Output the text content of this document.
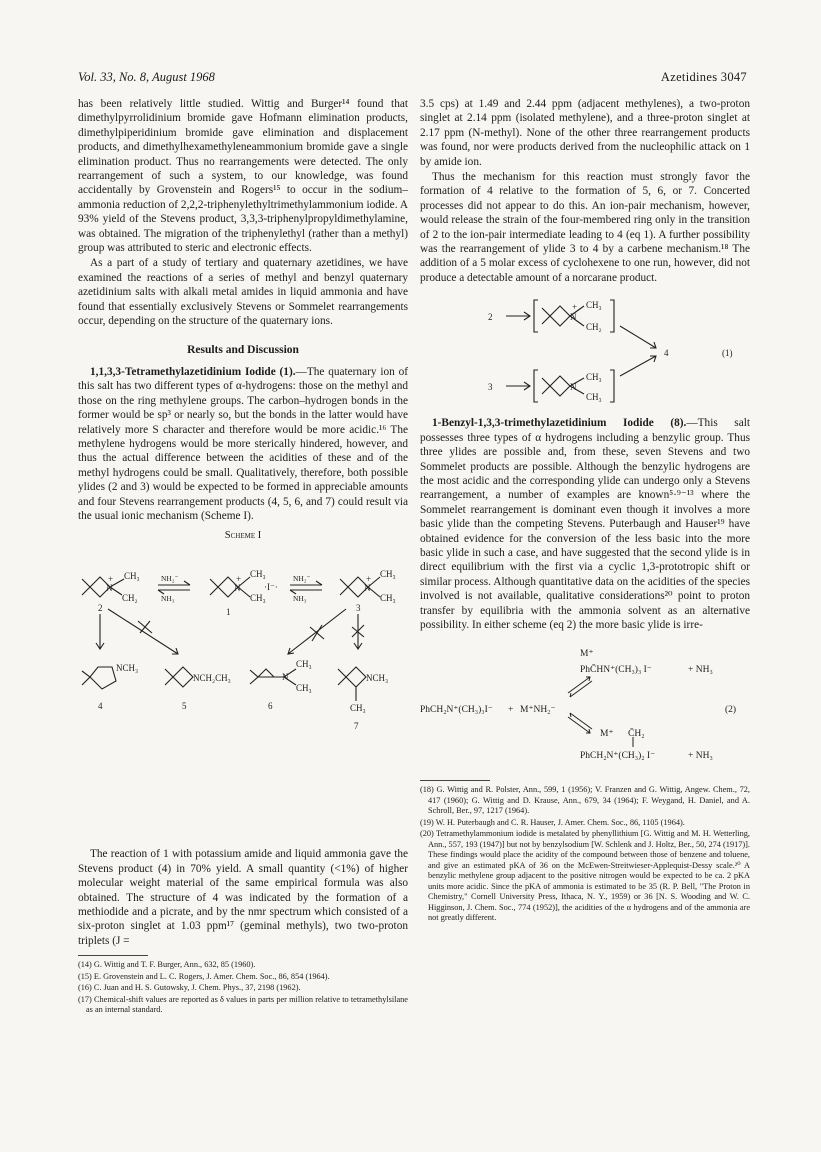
Vol. 33, No. 8, August 1968	Azetidines 3047

has been relatively little studied. Wittig and Burger¹⁴ found that dimethylpyrrolidinium bromide gave Hofmann elimination products, dimethylpiperidinium bromide gave elimination and displacement products, and dimethylhexamethyleneammonium bromide gave a single elimination product. Thus no rearrangements were detected. The only rearrangement of such a system, to our knowledge, was found accidentally by Grovenstein and Rogers¹⁵ to occur in the sodium–ammonia reduction of 2,2,2-triphenylethyltrimethylammonium iodide. A 93% yield of the Stevens product, 3,3,3-triphenylpropyldimethylamine, was obtained. The migration of the triphenylethyl (rather than a methyl) group was attributed to steric and electronic effects.

As a part of a study of tertiary and quaternary azetidines, we have examined the reactions of a series of methyl and benzyl quaternary azetidinium salts with alkali metal amides in liquid ammonia and have found that essentially exclusively Stevens or Sommelet rearrangements occur, depending on the structure of the quaternary ions.

Results and Discussion

1,1,3,3-Tetramethylazetidinium Iodide (1).—The quaternary ion of this salt has two different types of α-hydrogens: those on the methyl and those on the ring methylene groups. The carbon–hydrogen bonds in the former would be sp³ or nearly so, but the bonds in the latter would have relatively more S character and therefore would be more acidic.¹⁶ The methylene hydrogens would be more sterically hindered, however, and thus the actual difference between the acidities of these and of the methyl hydrogens could be small. Qualitatively, therefore, both possible ylides (2 and 3) would be expected to be formed in appreciable amounts and four Stevens rearrangement products (4, 5, 6, and 7) could result via the usual ionic mechanism (Scheme I).

Scheme I
+
N
CH₃
CH₂
NH₂⁻
NH₃
+
N
CH₃
CH₃
·I⁻·
NH₂⁻
NH₃
+
N
CH₃
CH₃
2	1	3
NCH₃
NCH₂CH₃	N
CH₃
CH₃
NCH₃
CH₃
4	5	6
7

The reaction of 1 with potassium amide and liquid ammonia gave the Stevens product (4) in 70% yield. A small quantity (<1%) of higher molecular weight material of the same empirical formula was also obtained. The structure of 4 was indicated by the formation of a methiodide and a picrate, and by the nmr spectrum which consisted of a six-proton singlet at 1.03 ppm¹⁷ (geminal methyls), two two-proton triplets (J =

(14) G. Wittig and T. F. Burger, Ann., 632, 85 (1960).

(15) E. Grovenstein and L. C. Rogers, J. Amer. Chem. Soc., 86, 854 (1964).

(16) C. Juan and H. S. Gutowsky, J. Chem. Phys., 37, 2198 (1962).

(17) Chemical-shift values are reported as δ values in parts per million relative to tetramethylsilane as an internal standard.

3.5 cps) at 1.49 and 2.44 ppm (adjacent methylenes), a two-proton singlet at 2.14 ppm (isolated methylene), and a three-proton singlet at 2.17 ppm (N-methyl). None of the other three rearrangement products was found, nor were products derived from the nucleophilic attack on 1 by amide ion.

Thus the mechanism for this reaction must strongly favor the formation of 4 relative to the formation of 5, 6, or 7. Concerted processes did not appear to do this. An ion-pair mechanism, however, would release the strain of the four-membered ring only in the transition of 2 to the ion-pair intermediate leading to 4 (eq 1). A further possibility was the rearrangement of ylide 3 to 4 by a carbene mechanism.¹⁸ The addition of a 5 molar excess of cyclohexene to one run, however, did not produce a detectable amount of a norcarane product.

2
+
N
CH₃
CH₂
4	(1)
3	N
CH₃
CH₃

1-Benzyl-1,3,3-trimethylazetidinium Iodide (8).—This salt possesses three types of α hydrogens including a benzylic group. Thus three ylides are possible and, from these, seven Stevens and two Sommelet products are possible. Although the benzylic hydrogens are the most acidic and the corresponding ylide can undergo only a Stevens rearrangement, a number of examples are known⁵·⁹⁻¹³ where the Sommelet rearrangement is dominant even though it involves a more basic ylide than the competing Stevens. Puterbaugh and Hauser¹⁹ have obtained evidence for the conversion of the less basic into the more basic ylide in such a case, and have suggested that the second ylide is in direct equilibrium with the first via a cyclic 1,3-prototropic shift or similar process. Although quantitative data on the acidities of the species involved is not available, qualitative considerations²⁰ point to proton transfer by equilibria with the ammonia solvent as an alternative possibility. In either scheme (eq 2) the more basic ylide is irre-

M⁺
PhC̄HN⁺(CH₃)₃ I⁻	+ NH₃
PhCH₂N⁺(CH₃)₃I⁻ + M⁺NH₂⁻	(2)
M⁺ C̄H₂
PhCH₂N⁺(CH₃)₂ I⁻	+ NH₃

(18) G. Wittig and R. Polster, Ann., 599, 1 (1956); V. Franzen and G. Wittig, Angew. Chem., 72, 417 (1960); G. Wittig and D. Krause, Ann., 679, 34 (1964); F. Weygand, H. Daniel, and A. Schroll, Ber., 97, 1217 (1964).

(19) W. H. Puterbaugh and C. R. Hauser, J. Amer. Chem. Soc., 86, 1105 (1964).

(20) Tetramethylammonium iodide is metalated by phenyllithium [G. Wittig and M. H. Wetterling, Ann., 557, 193 (1947)] but not by benzylsodium [W. Schlenk and J. Holtz, Ber., 50, 274 (1917)]. These findings would place the acidity of the compound between those of benzene and toluene, and give an estimated pKA of 36 on the McEwen-Streitwieser-Applequist-Dessy scale.²⁰ A benzylic methylene group adjacent to the positive nitrogen would be expected to be ca. 2 pKA units more acidic. Since the pKA of ammonia is estimated to be 35 (R. P. Bell, "The Proton in Chemistry," Cornell University Press, Ithaca, N. Y., 1959) or 36 [N. S. Wooding and W. C. Higginson, J. Chem. Soc., 774 (1952)], the acidities of the α hydrogens and of the ammonia are not greatly different.
